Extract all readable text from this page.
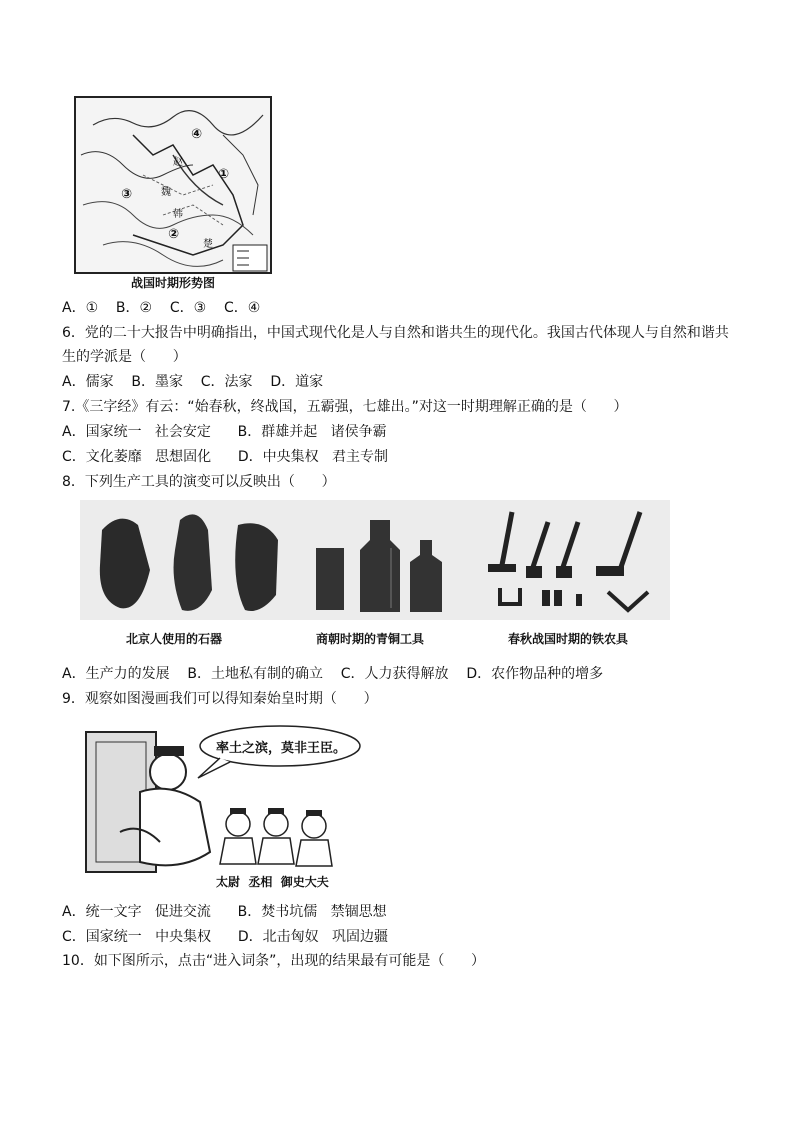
④
①
③
②
赵
魏
韩
楚
战国时期形势图
A．①    B．②    C．③    C．④
6．党的二十大报告中明确指出，中国式现代化是人与自然和谐共生的现代化。我国古代体现人与自然和谐共
生的学派是（      ）
A．儒家    B．墨家    C．法家    D．道家
7.《三字经》有云：“始春秋，终战国，五霸强，七雄出。”对这一时期理解正确的是（      ）
A．国家统一   社会安定      B．群雄并起   诸侯争霸
C．文化萎靡   思想固化      D．中央集权   君主专制
8．下列生产工具的演变可以反映出（      ）
北京人使用的石器	商朝时期的青铜工具	春秋战国时期的铁农具
A．生产力的发展    B．土地私有制的确立    C．人力获得解放    D．农作物品种的增多
9．观察如图漫画我们可以得知秦始皇时期（      ）
率土之滨，莫非王臣。
太尉  丞相  御史大夫
A．统一文字   促进交流      B．焚书坑儒   禁锢思想
C．国家统一   中央集权      D．北击匈奴   巩固边疆
10．如下图所示，点击“进入词条”，出现的结果最有可能是（      ）
